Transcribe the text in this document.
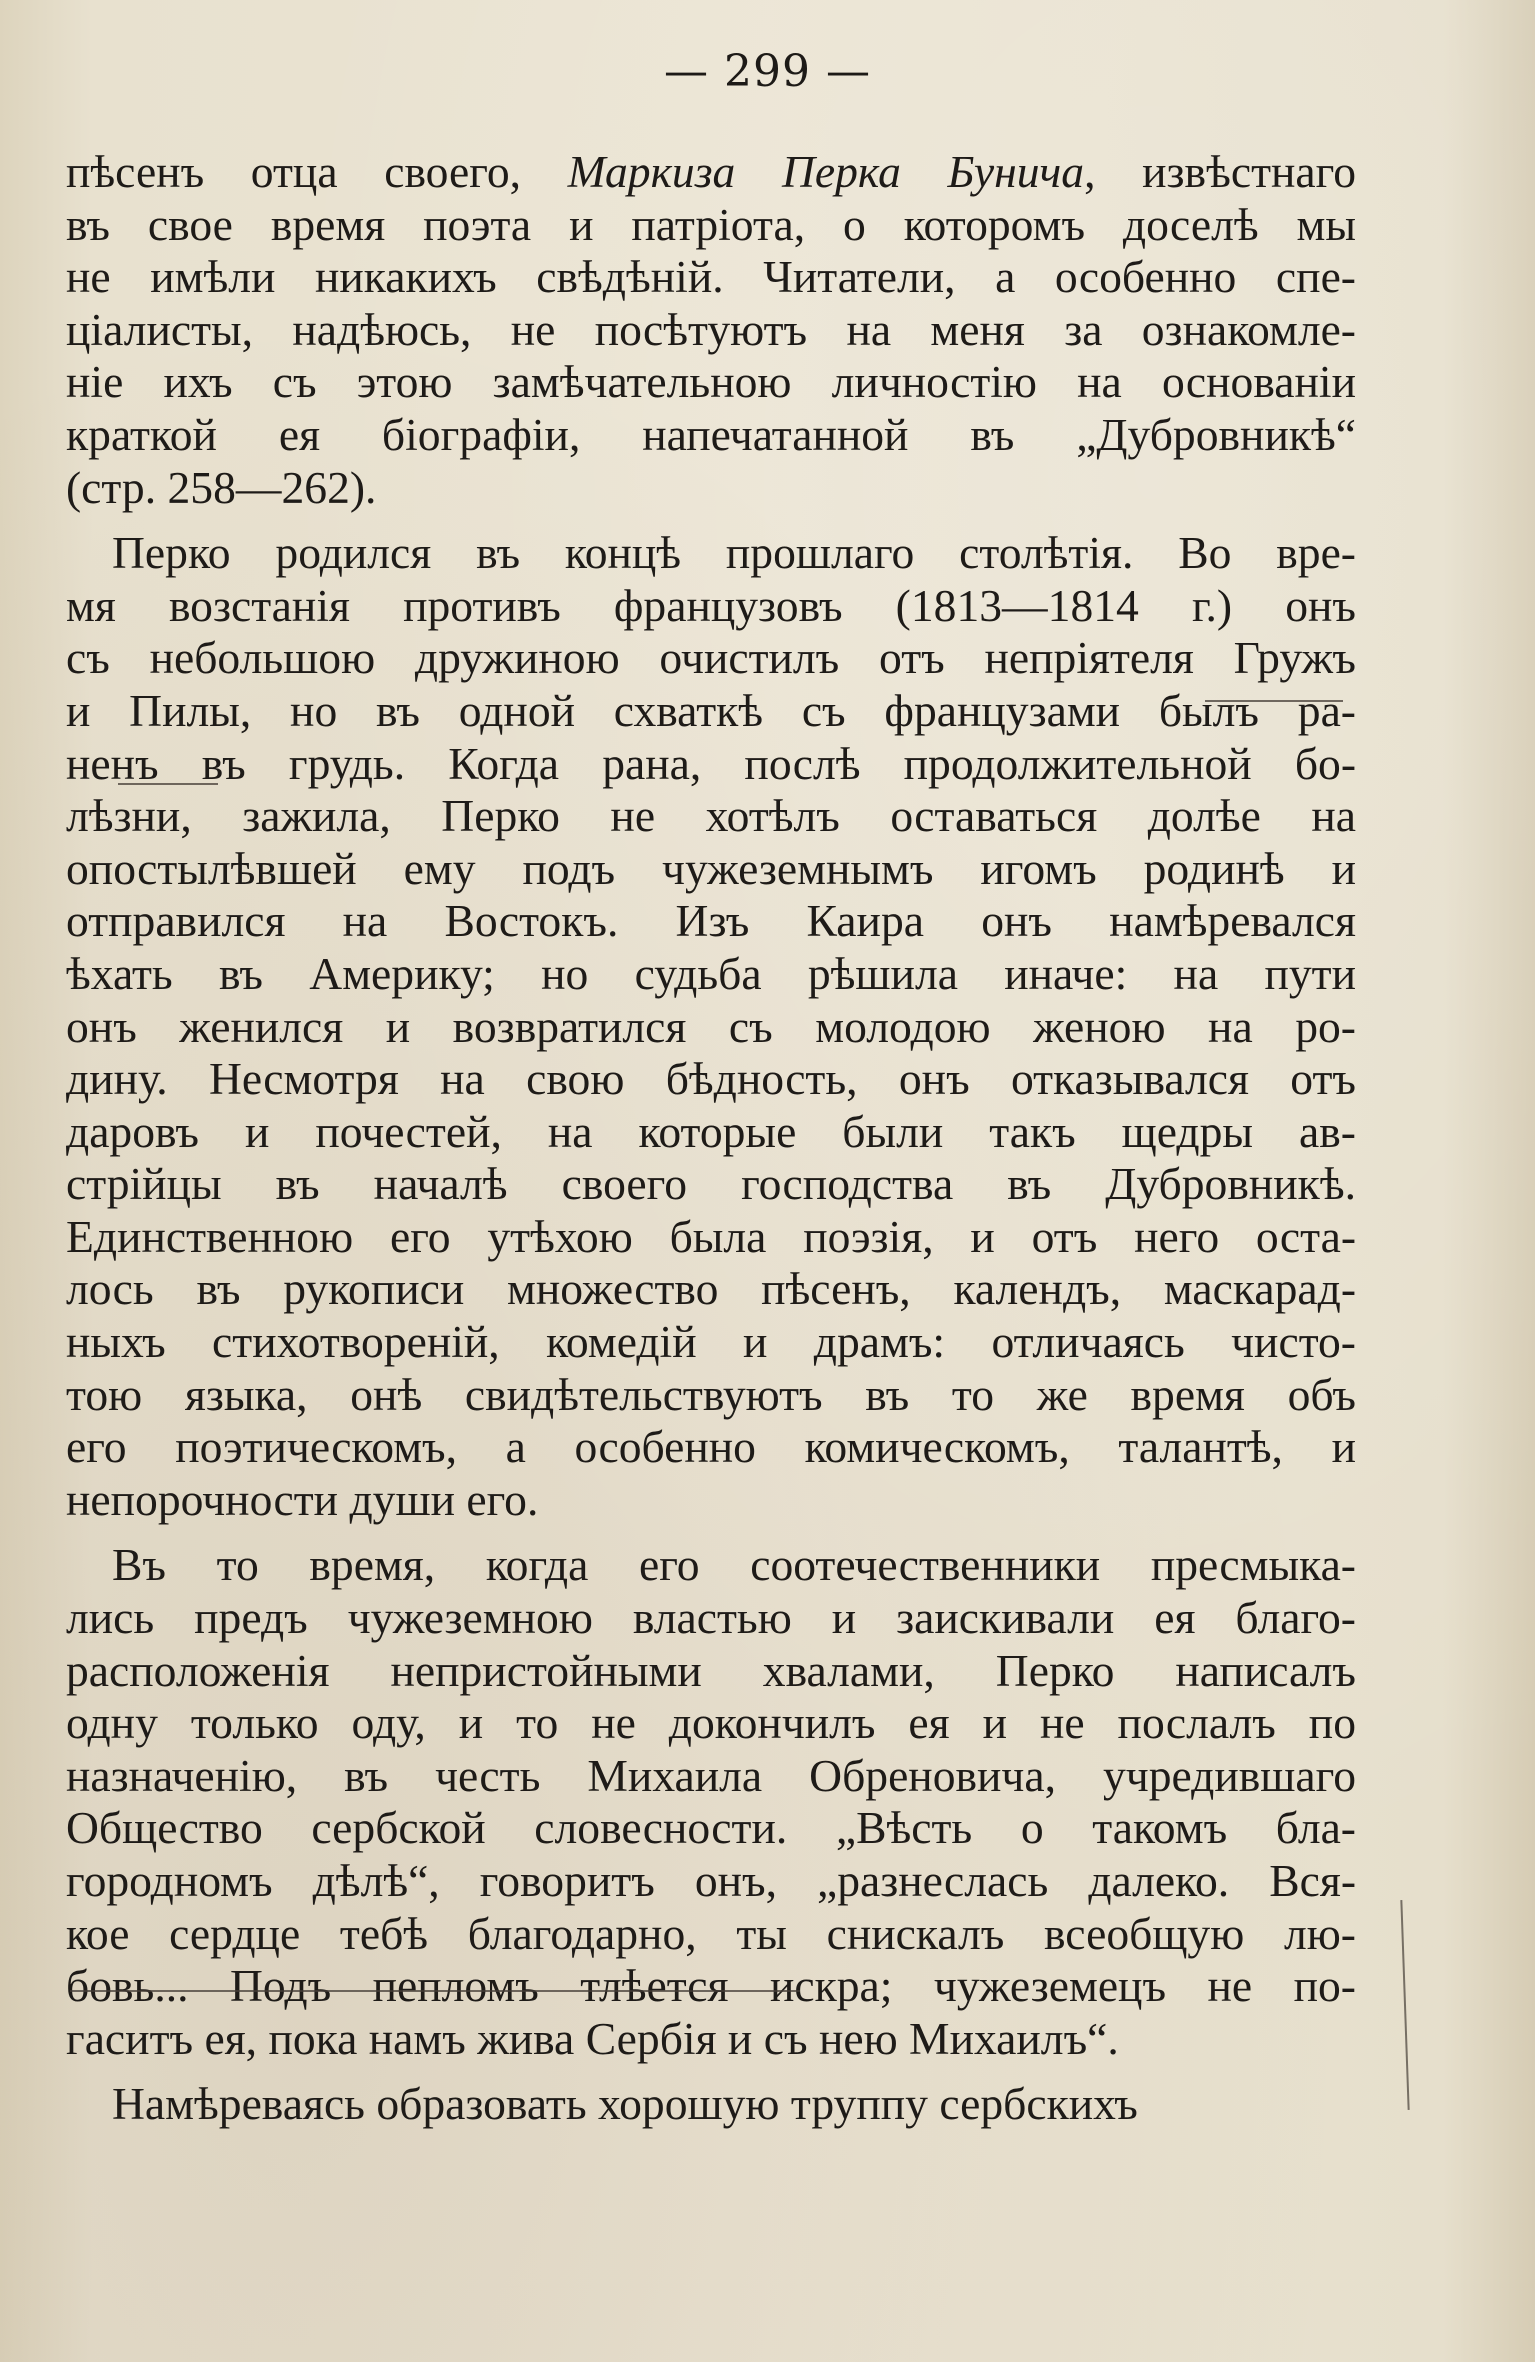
— 299 —
пѣсенъ отца своего, Маркиза Перка Бунича, извѣстнаго
въ свое время поэта и патріота, о которомъ доселѣ мы
не имѣли никакихъ свѣдѣній. Читатели, а особенно спе-
ціалисты, надѣюсь, не посѣтуютъ на меня за ознакомле-
ніе ихъ съ этою замѣчательною личностію на основаніи
краткой ея біографіи, напечатанной въ „Дубровникѣ“
(стр. 258—262).
Перко родился въ концѣ прошлаго столѣтія. Во вре-
мя возстанія противъ французовъ (1813—1814 г.) онъ
съ небольшою дружиною очистилъ отъ непріятеля Гружъ
и Пилы, но въ одной схваткѣ съ французами былъ ра-
ненъ въ грудь. Когда рана, послѣ продолжительной бо-
лѣзни, зажила, Перко не хотѣлъ оставаться долѣе на
опостылѣвшей ему подъ чужеземнымъ игомъ родинѣ и
отправился на Востокъ. Изъ Каира онъ намѣревался
ѣхать въ Америку; но судьба рѣшила иначе: на пути
онъ женился и возвратился съ молодою женою на ро-
дину. Несмотря на свою бѣдность, онъ отказывался отъ
даровъ и почестей, на которые были такъ щедры ав-
стрійцы въ началѣ своего господства въ Дубровникѣ.
Единственною его утѣхою была поэзія, и отъ него оста-
лось въ рукописи множество пѣсенъ, календъ, маскарад-
ныхъ стихотвореній, комедій и драмъ: отличаясь чисто-
тою языка, онѣ свидѣтельствуютъ въ то же время объ
его поэтическомъ, а особенно комическомъ, талантѣ, и
непорочности души его.
Въ то время, когда его соотечественники пресмыка-
лись предъ чужеземною властью и заискивали ея благо-
расположенія непристойными хвалами, Перко написалъ
одну только оду, и то не докончилъ ея и не послалъ по
назначенію, въ честь Михаила Обреновича, учредившаго
Общество сербской словесности. „Вѣсть о такомъ бла-
городномъ дѣлѣ“, говоритъ онъ, „разнеслась далеко. Вся-
кое сердце тебѣ благодарно, ты снискалъ всеобщую лю-
бовь... Подъ пепломъ тлѣется искра; чужеземецъ не по-
гаситъ ея, пока намъ жива Сербія и съ нею Михаилъ“.
Намѣреваясь образовать хорошую труппу сербскихъ
